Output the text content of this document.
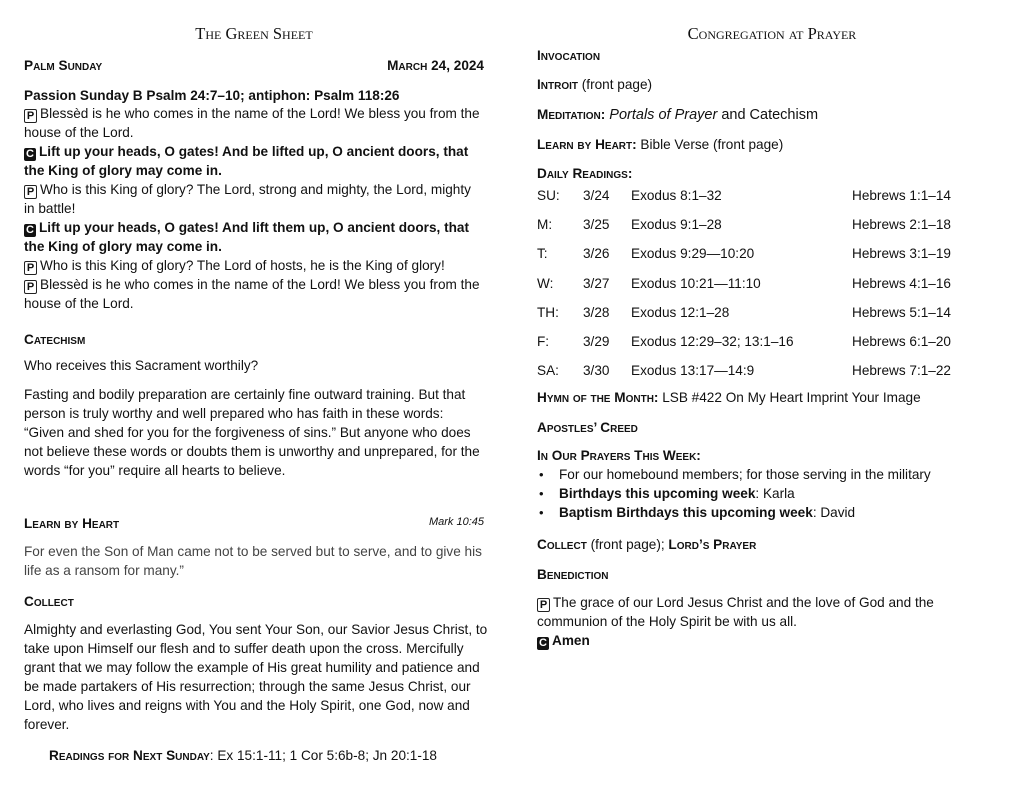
The Green Sheet
Palm Sunday	March 24, 2024
Passion Sunday B Psalm 24:7–10; antiphon: Psalm 118:26
P Blessèd is he who comes in the name of the Lord! We bless you from the house of the Lord.
C Lift up your heads, O gates! And be lifted up, O ancient doors, that the King of glory may come in.
P Who is this King of glory? The Lord, strong and mighty, the Lord, mighty in battle!
C Lift up your heads, O gates! And lift them up, O ancient doors, that the King of glory may come in.
P Who is this King of glory? The Lord of hosts, he is the King of glory!
P Blessèd is he who comes in the name of the Lord! We bless you from the house of the Lord.
Catechism
Who receives this Sacrament worthily?
Fasting and bodily preparation are certainly fine outward training. But that person is truly worthy and well prepared who has faith in these words: “Given and shed for you for the forgiveness of sins.” But anyone who does not believe these words or doubts them is unworthy and unprepared, for the words “for you” require all hearts to believe.
Learn by Heart	Mark 10:45
For even the Son of Man came not to be served but to serve, and to give his life as a ransom for many.”
Collect
Almighty and everlasting God, You sent Your Son, our Savior Jesus Christ, to take upon Himself our flesh and to suffer death upon the cross. Mercifully grant that we may follow the example of His great humility and patience and be made partakers of His resurrection; through the same Jesus Christ, our Lord, who lives and reigns with You and the Holy Spirit, one God, now and forever.
Readings for Next Sunday: Ex 15:1-11; 1 Cor 5:6b-8; Jn 20:1-18
Congregation at Prayer
Invocation
Introit (front page)
Meditation: Portals of Prayer and Catechism
Learn by Heart: Bible Verse (front page)
Daily Readings:
SU:	3/24	Exodus 8:1–32	Hebrews 1:1–14
M:	3/25	Exodus 9:1–28	Hebrews 2:1–18
T:	3/26	Exodus 9:29—10:20	Hebrews 3:1–19
W:	3/27	Exodus 10:21—11:10	Hebrews 4:1–16
TH:	3/28	Exodus 12:1–28	Hebrews 5:1–14
F:	3/29	Exodus 12:29–32; 13:1–16	Hebrews 6:1–20
SA:	3/30	Exodus 13:17—14:9	Hebrews 7:1–22
Hymn of the Month: LSB #422 On My Heart Imprint Your Image
Apostles’ Creed
In Our Prayers This Week:
• For our homebound members; for those serving in the military
• Birthdays this upcoming week: Karla
• Baptism Birthdays this upcoming week: David
Collect (front page); Lord’s Prayer
Benediction
P The grace of our Lord Jesus Christ and the love of God and the communion of the Holy Spirit be with us all.
C Amen
